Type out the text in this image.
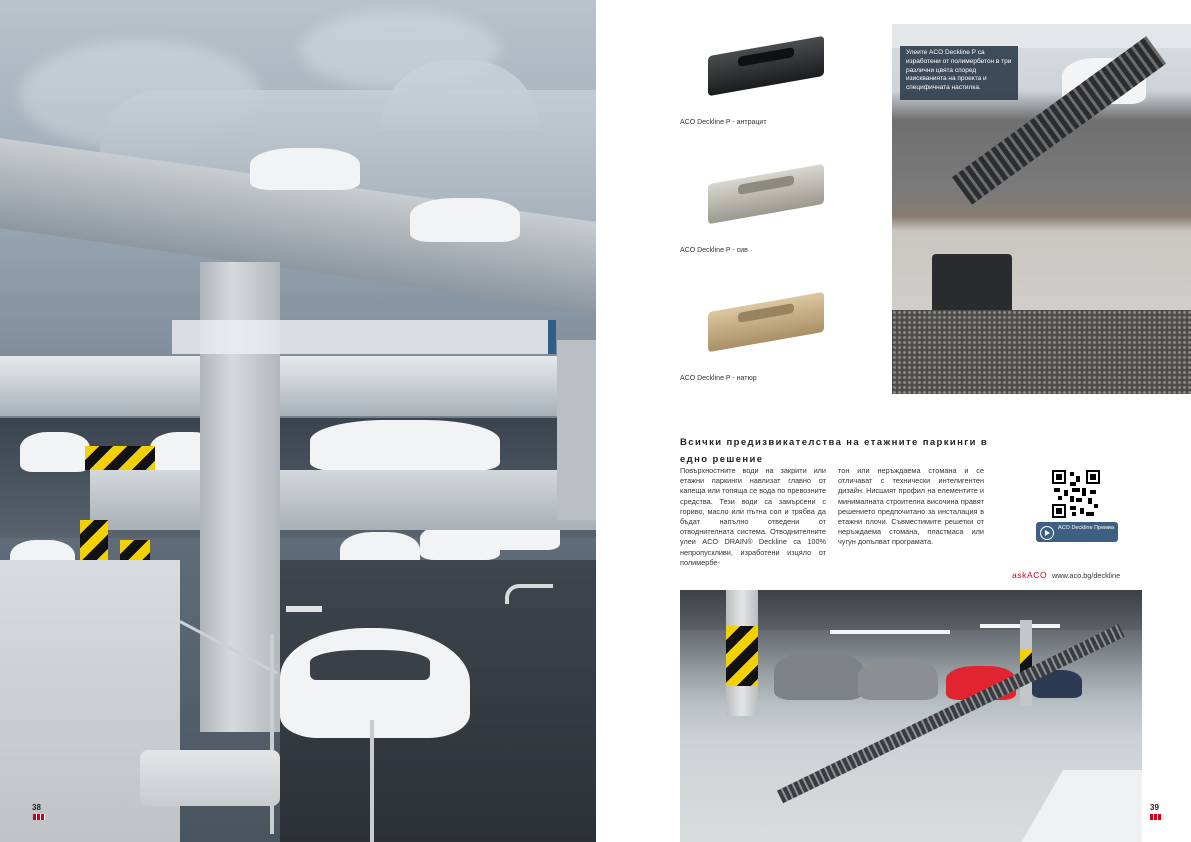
38
ACO Deckline P - антрацит
ACO Deckline P - сив
ACO Deckline P - натюр
Улеите ACO Deckline P са изработени от полимербетон в три различни цвята според изискванията на проекта и специфичната настилка.
Всички предизвикателства на етажните паркинги в едно решение
Повърхностните води на закрити или етажни паркинги навлизат главно от капеща или топяща се вода по превозните средства. Тези води са замърсени с гориво, масло или пътна сол и трябва да бъдат напълно отведени от отводнителната система. Отводнителните улеи ACO DRAIN® Deckline са 100% непропускливи, изработени изцяло от полимербе-
тон или неръждаема стомана и се отличават с технически интелигентен дизайн. Нисшият профил на елементите и минималната строителна височина правят решението предпочитано за инсталация в етажни плочи. Съвместимите решетки от неръждаема стомана, пластмаса или чугун допълват програмата.
ACO Deckline Премиа
askACO www.aco.bg/deckline
39
